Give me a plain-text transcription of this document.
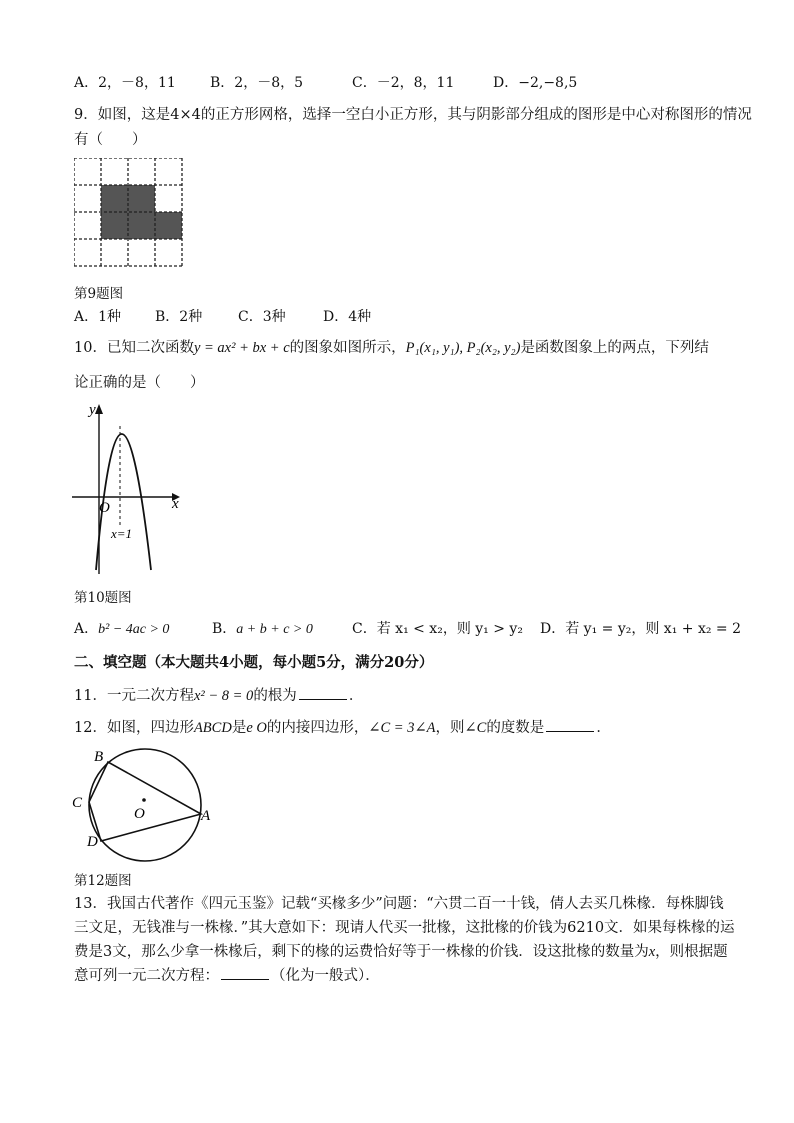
A．2，－8，11 B．2，－8，5	C．－2，8，11	D．−2,−8,5
9．如图，这是4×4的正方形网格，选择一空白小正方形，其与阴影部分组成的图形是中心对称图形的情况
有（　　）
第9题图
A．1种 B．2种	C．3种	D．4种
10．已知二次函数y = ax² + bx + c的图象如图所示，P₁(x₁, y₁), P₂(x₂, y₂)是函数图象上的两点，下列结
论正确的是（　　）
y
x
O
x=1
第10题图
A．b² − 4ac > 0	B．a + b + c > 0	C．若 x₁ < x₂，则 y₁ > y₂ D．若 y₁ = y₂，则 x₁ + x₂ = 2
二、填空题（本大题共4小题，每小题5分，满分20分）
11．一元二次方程x² − 8 = 0的根为	．
12．如图，四边形ABCD是e O的内接四边形，∠C = 3∠A，则∠C的度数是	．
B
C
D
A
O
第12题图
13．我国古代著作《四元玉鉴》记载“买椽多少”问题：“六贯二百一十钱，倩人去买几株椽．每株脚钱
三文足，无钱准与一株椽．”其大意如下：现请人代买一批椽，这批椽的价钱为6210文．如果每株椽的运
费是3文，那么少拿一株椽后，剩下的椽的运费恰好等于一株椽的价钱．设这批椽的数量为x，则根据题
意可列一元二次方程：	（化为一般式）．
